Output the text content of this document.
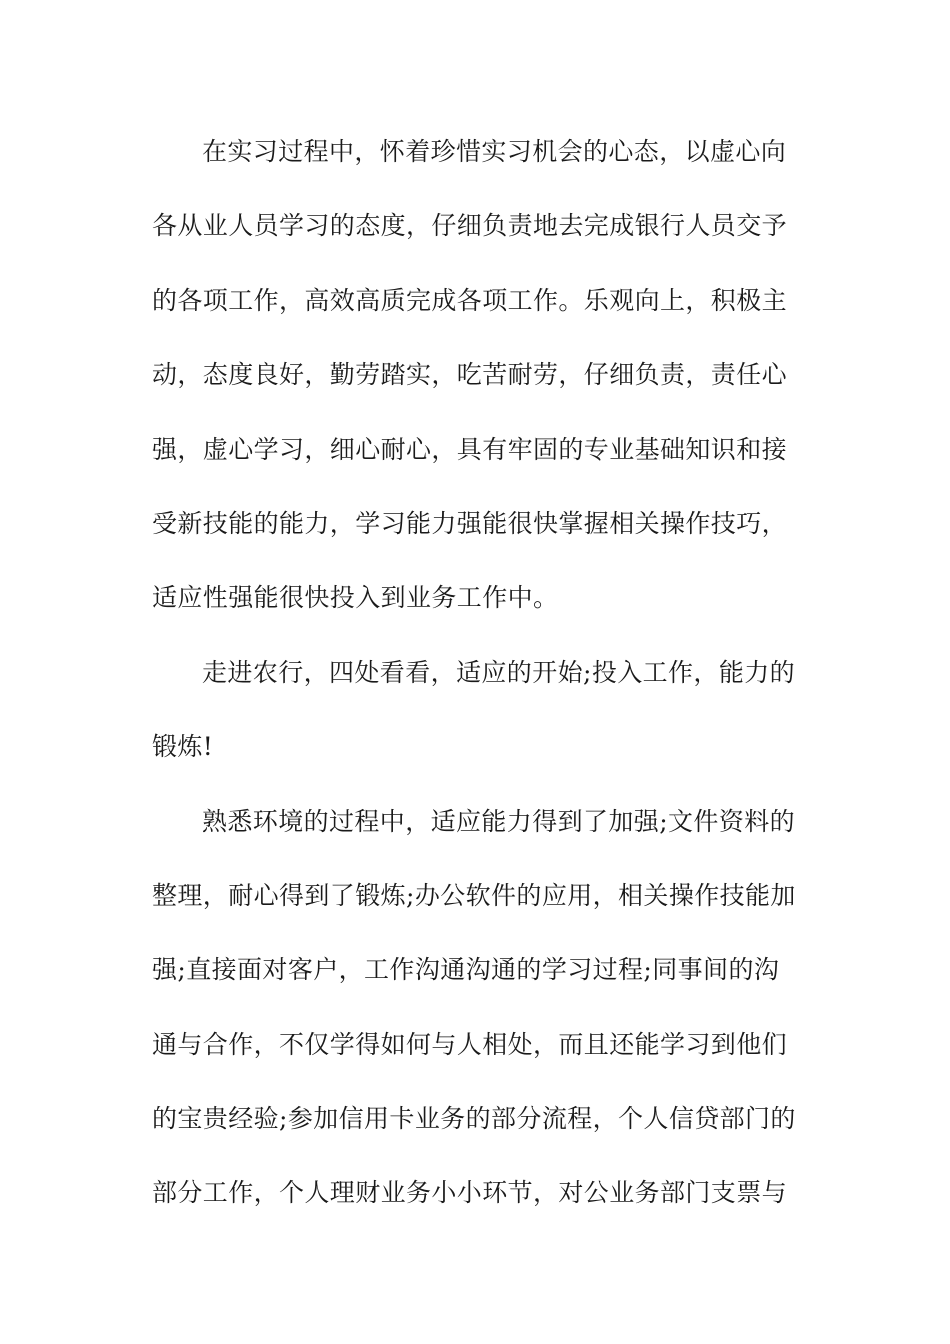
在实习过程中，怀着珍惜实习机会的心态，以虚心向
各从业人员学习的态度，仔细负责地去完成银行人员交予
的各项工作，高效高质完成各项工作。乐观向上，积极主
动，态度良好，勤劳踏实，吃苦耐劳，仔细负责，责任心
强，虚心学习，细心耐心，具有牢固的专业基础知识和接
受新技能的能力，学习能力强能很快掌握相关操作技巧，
适应性强能很快投入到业务工作中。
走进农行，四处看看，适应的开始;投入工作，能力的
锻炼!
熟悉环境的过程中，适应能力得到了加强;文件资料的
整理，耐心得到了锻炼;办公软件的应用，相关操作技能加
强;直接面对客户，工作沟通沟通的学习过程;同事间的沟
通与合作，不仅学得如何与人相处，而且还能学习到他们
的宝贵经验;参加信用卡业务的部分流程，个人信贷部门的
部分工作，个人理财业务小小环节，对公业务部门支票与
